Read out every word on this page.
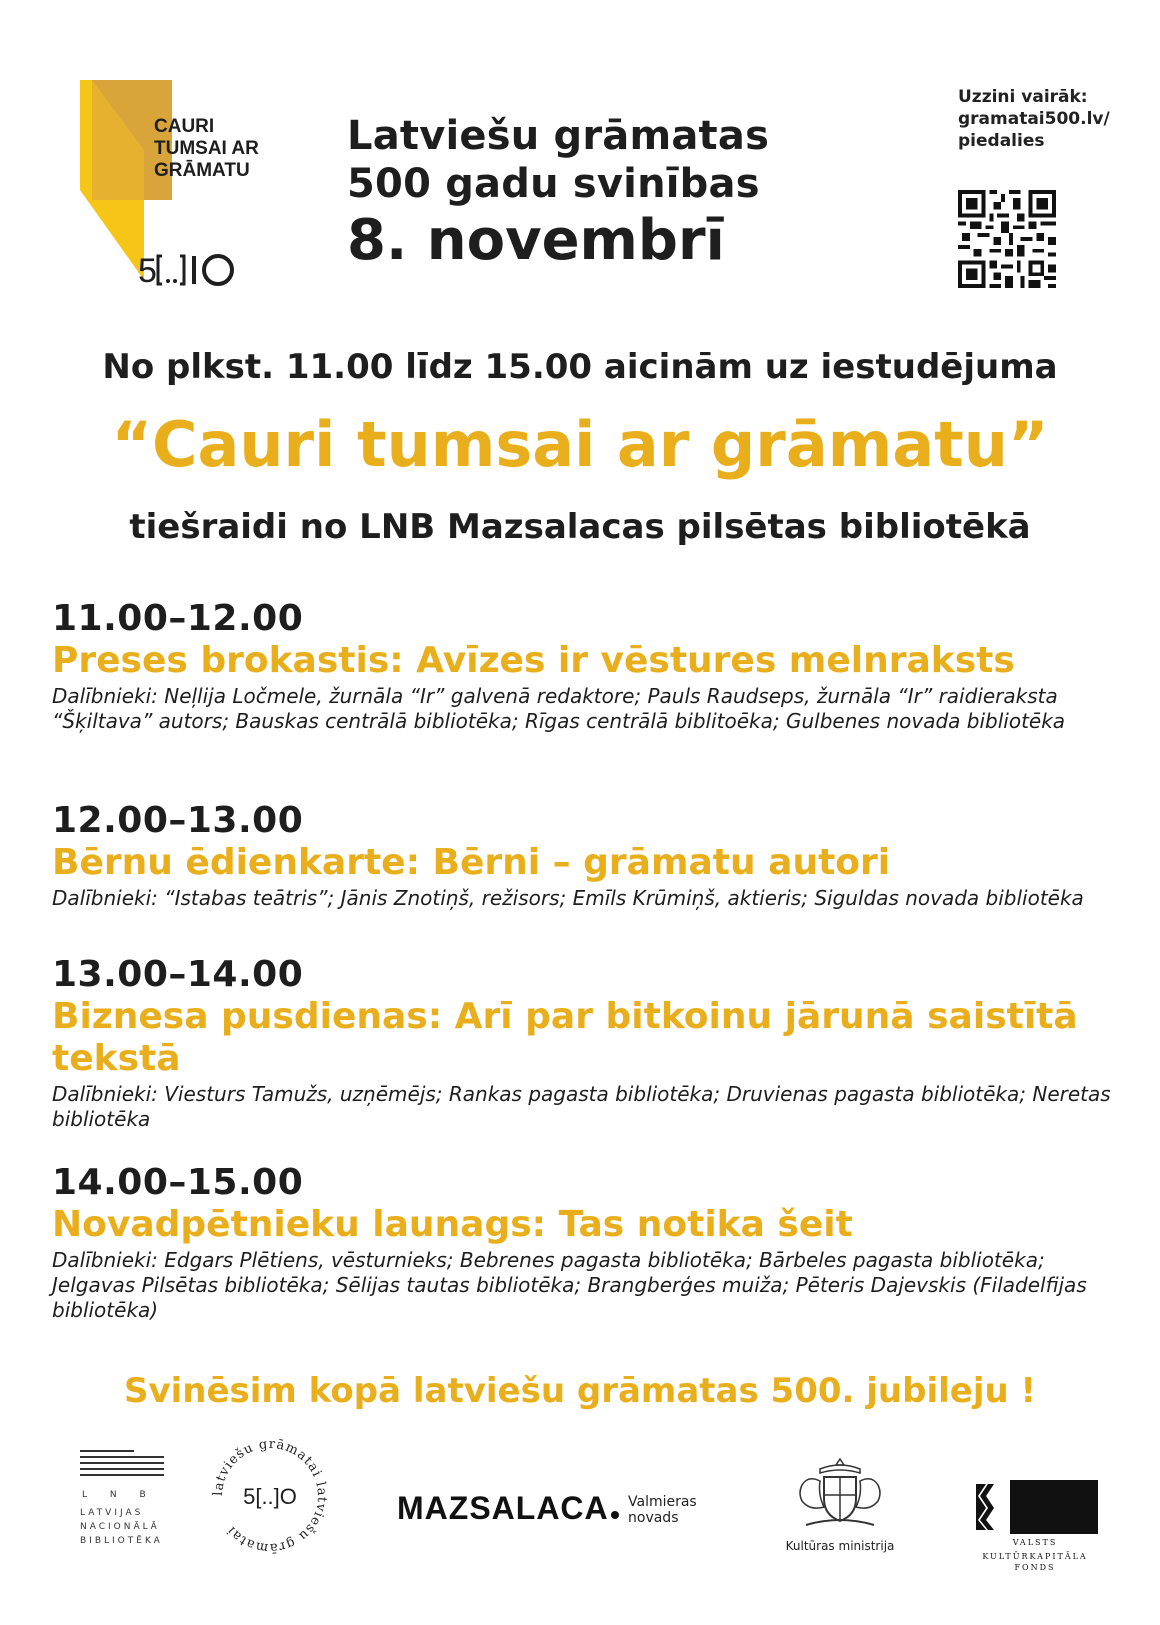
CAURI
TUMSAI AR
GRĀMATU
5
Latviešu grāmatas
500 gadu svinības
8. novembrī
Uzzini vairāk:
gramatai500.lv/
piedalies
No plkst. 11.00 līdz 15.00 aicinām uz iestudējuma
“Cauri tumsai ar grāmatu”
tiešraidi no LNB Mazsalacas pilsētas bibliotēkā
11.00–12.00
Preses brokastis: Avīzes ir vēstures melnraksts
Dalībnieki: Neļlija Ločmele, žurnāla “Ir” galvenā redaktore; Pauls Raudseps, žurnāla “Ir” raidieraksta “Šķiltava” autors; Bauskas centrālā bibliotēka; Rīgas centrālā biblitoēka; Gulbenes novada bibliotēka
12.00–13.00
Bērnu ēdienkarte: Bērni – grāmatu autori
Dalībnieki: “Istabas teātris”; Jānis Znotiņš, režisors; Emīls Krūmiņš, aktieris; Siguldas novada bibliotēka
13.00–14.00
Biznesa pusdienas: Arī par bitkoinu jārunā saistītā tekstā
Dalībnieki: Viesturs Tamužs, uzņēmējs; Rankas pagasta bibliotēka; Druvienas pagasta bibliotēka; Neretas bibliotēka
14.00–15.00
Novadpētnieku launags: Tas notika šeit
Dalībnieki: Edgars Plētiens, vēsturnieks; Bebrenes pagasta bibliotēka; Bārbeles pagasta bibliotēka; Jelgavas Pilsētas bibliotēka; Sēlijas tautas bibliotēka; Brangberģes muiža; Pēteris Dajevskis (Filadelfijas bibliotēka)
Svinēsim kopā latviešu grāmatas 500. jubileju !
L N B
LATVIJAS
NACIONĀLĀ
BIBLIOTĒKA
latviešu grāmatai latviešu grāmatai
5[..]O	MAZSALACA	Valmieras
novads
Kultūras ministrija	VALSTS
KULTŪRKAPITĀLA FONDS
